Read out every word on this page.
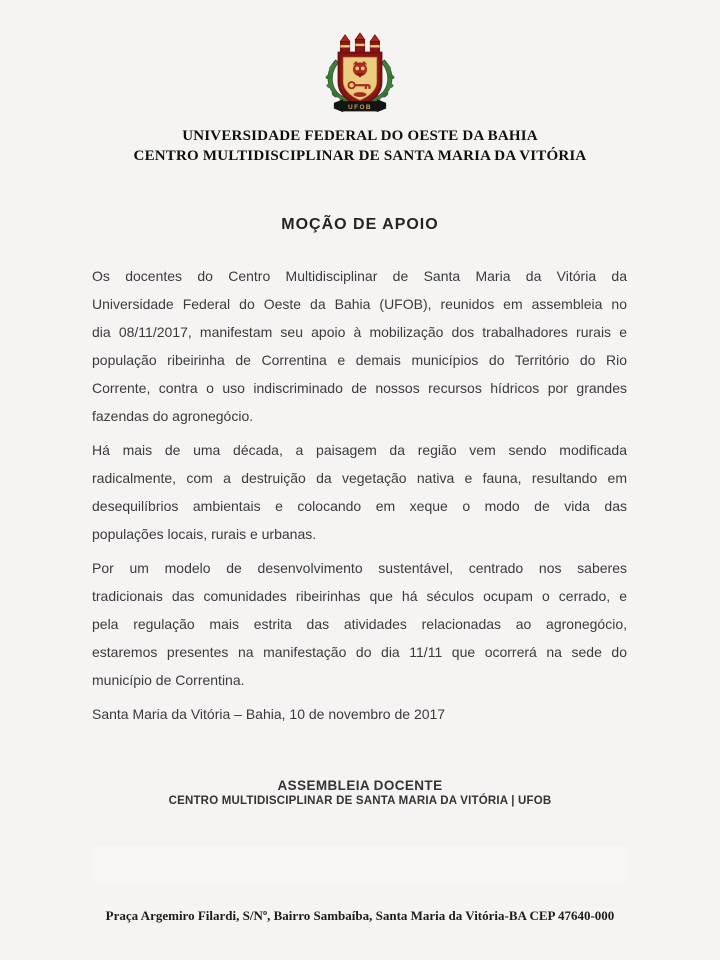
UFOB
UNIVERSIDADE FEDERAL DO OESTE DA BAHIA
CENTRO MULTIDISCIPLINAR DE SANTA MARIA DA VITÓRIA
MOÇÃO DE APOIO
Os docentes do Centro Multidisciplinar de Santa Maria da Vitória da
Universidade Federal do Oeste da Bahia (UFOB), reunidos em assembleia no
dia 08/11/2017, manifestam seu apoio à mobilização dos trabalhadores rurais e
população ribeirinha de Correntina e demais municípios do Território do Rio
Corrente, contra o uso indiscriminado de nossos recursos hídricos por grandes
fazendas do agronegócio.
Há mais de uma década, a paisagem da região vem sendo modificada
radicalmente, com a destruição da vegetação nativa e fauna, resultando em
desequilíbrios ambientais e colocando em xeque o modo de vida das
populações locais, rurais e urbanas.
Por um modelo de desenvolvimento sustentável, centrado nos saberes
tradicionais das comunidades ribeirinhas que há séculos ocupam o cerrado, e
pela regulação mais estrita das atividades relacionadas ao agronegócio,
estaremos presentes na manifestação do dia 11/11 que ocorrerá na sede do
município de Correntina.
Santa Maria da Vitória – Bahia, 10 de novembro de 2017
ASSEMBLEIA DOCENTE
CENTRO MULTIDISCIPLINAR DE SANTA MARIA DA VITÓRIA | UFOB
Praça Argemiro Filardi, S/Nº, Bairro Sambaíba, Santa Maria da Vitória-BA CEP 47640-000
